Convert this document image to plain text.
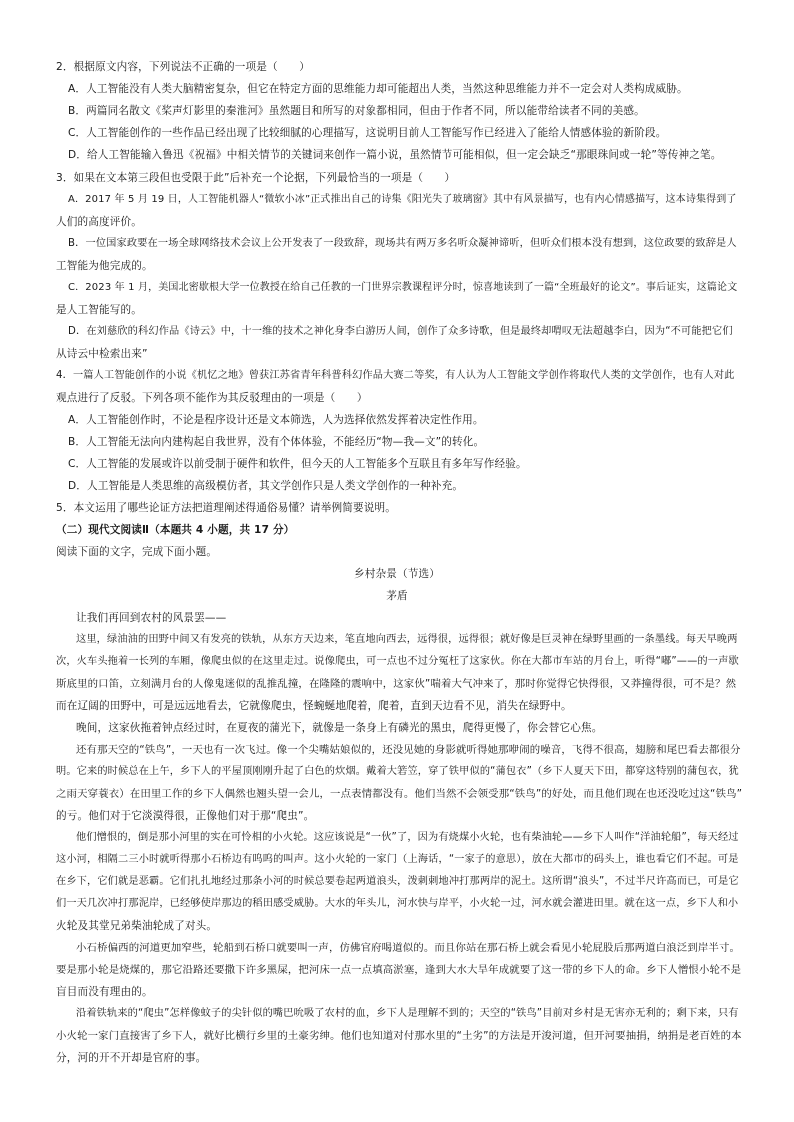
2．根据原文内容，下列说法不正确的一项是（　　）
A．人工智能没有人类大脑精密复杂，但它在特定方面的思维能力却可能超出人类，当然这种思维能力并不一定会对人类构成威胁。
B．两篇同名散文《桨声灯影里的秦淮河》虽然题目和所写的对象都相同，但由于作者不同，所以能带给读者不同的美感。
C．人工智能创作的一些作品已经出现了比较细腻的心理描写，这说明目前人工智能写作已经进入了能给人情感体验的新阶段。
D．给人工智能输入鲁迅《祝福》中相关情节的关键词来创作一篇小说，虽然情节可能相似，但一定会缺乏“那眼珠间或一轮”等传神之笔。
3．如果在文本第三段但也受限于此”后补充一个论据，下列最恰当的一项是（　　）
A．2017 年 5 月 19 日，人工智能机器人“微软小冰”正式推出自己的诗集《阳光失了玻璃窗》其中有风景描写，也有内心情感描写，这本诗集得到了
人们的高度评价。
B．一位国家政要在一场全球网络技术会议上公开发表了一段致辞，现场共有两万多名听众凝神谛听，但听众们根本没有想到，这位政要的致辞是人
工智能为他完成的。
C．2023 年 1 月，美国北密歇根大学一位教授在给自己任教的一门世界宗教课程评分时，惊喜地读到了一篇“全班最好的论文”。事后证实，这篇论文
是人工智能写的。
D．在刘慈欣的科幻作品《诗云》中，十一维的技术之神化身李白游历人间，创作了众多诗歌，但是最终却喟叹无法超越李白，因为“不可能把它们
从诗云中检索出来”
4．一篇人工智能创作的小说《机忆之地》曾获江苏省青年科普科幻作品大赛二等奖，有人认为人工智能文学创作将取代人类的文学创作，也有人对此
观点进行了反驳。下列各项不能作为其反驳理由的一项是（　　）
A．人工智能创作时，不论是程序设计还是文本筛选，人为选择依然发挥着决定性作用。
B．人工智能无法向内建构起自我世界，没有个体体验，不能经历“物—我—文”的转化。
C．人工智能的发展或许以前受制于硬件和软件，但今天的人工智能多个互联且有多年写作经验。
D．人工智能是人类思维的高级模仿者，其文学创作只是人类文学创作的一种补充。
5．本文运用了哪些论证方法把道理阐述得通俗易懂？请举例简要说明。
（二）现代文阅读Ⅱ（本题共 4 小题，共 17 分）
阅读下面的文字，完成下面小题。
乡村杂景（节选）
茅盾
让我们再回到农村的风景罢——
这里，绿油油的田野中间又有发亮的铁轨，从东方天边来，笔直地向西去，远得很，远得很；就好像是巨灵神在绿野里画的一条墨线。每天早晚两
次，火车头拖着一长列的车厢，像爬虫似的在这里走过。说像爬虫，可一点也不过分冤枉了这家伙。你在大都市车站的月台上，听得“嘟”——的一声歇
斯底里的口笛，立刻满月台的人像鬼迷似的乱推乱撞，在隆隆的震响中，这家伙”喘着大气冲来了，那时你觉得它快得很，又莽撞得很，可不是？然
而在辽阔的田野中，可是远远地看去，它就像爬虫，怪蜿蜒地爬着，爬着，直到天边看不见，消失在绿野中。
晚间，这家伙拖着钟点经过时，在夏夜的蒲光下，就像是一条身上有磷光的黑虫，爬得更慢了，你会替它心焦。
还有那天空的“铁鸟”，一天也有一次飞过。像一个尖嘴姑娘似的，还没见她的身影就听得她那咿闹的噪音，飞得不很高，翅膀和尾巴看去都很分
明。它来的时候总在上午，乡下人的平屋顶刚刚升起了白色的炊烟。戴着大箬笠，穿了铁甲似的“蒲包衣”（乡下人夏天下田，都穿这特别的蒲包衣，犹
之雨天穿蓑衣）在田里工作的乡下人偶然也翘头望一会儿，一点表情都没有。他们当然不会领受那“铁鸟”的好处，而且他们现在也还没吃过这“铁鸟”
的亏。他们对于它淡漠得很，正像他们对于那“爬虫”。
他们憎恨的，倒是那小河里的实在可怜相的小火轮。这应该说是“一伙”了，因为有烧煤小火轮，也有柴油轮——乡下人叫作“洋油轮船”，每天经过
这小河，相隔二三小时就听得那小石桥边有呜呜的叫声。这小火轮的一家门（上海话，“一家子的意思），放在大都市的码头上，谁也看它们不起。可是
在乡下，它们就是恶霸。它们扎扎地经过那条小河的时候总要卷起两道浪头，泼刺刺地冲打那两岸的泥土。这所谓“浪头”，不过半尺许高而已，可是它
们一天几次冲打那泥岸，已经够使岸那边的稻田感受威胁。大水的年头儿，河水快与岸平，小火轮一过，河水就会灌进田里。就在这一点，乡下人和小
火轮及其堂兄弟柴油轮成了对头。
小石桥偏西的河道更加窄些，轮船到石桥口就要叫一声，仿佛官府喝道似的。而且你站在那石桥上就会看见小轮屁股后那两道白浪泛到岸半寸。
要是那小轮是烧煤的，那它沿路还要撒下许多黑屎，把河床一点一点填高淤塞，逢到大水大旱年成就要了这一带的乡下人的命。乡下人憎恨小轮不是
盲目而没有理由的。
沿着铁轨来的“爬虫”怎样像蚊子的尖针似的嘴巴吮吸了农村的血，乡下人是理解不到的；天空的“铁鸟”目前对乡村是无害亦无利的；剩下来，只有
小火轮一家门直接害了乡下人，就好比横行乡里的土豪劣绅。他们也知道对付那水里的“土劣”的方法是开浚河道，但开河要抽捐，纳捐是老百姓的本
分，河的开不开却是官府的事。
